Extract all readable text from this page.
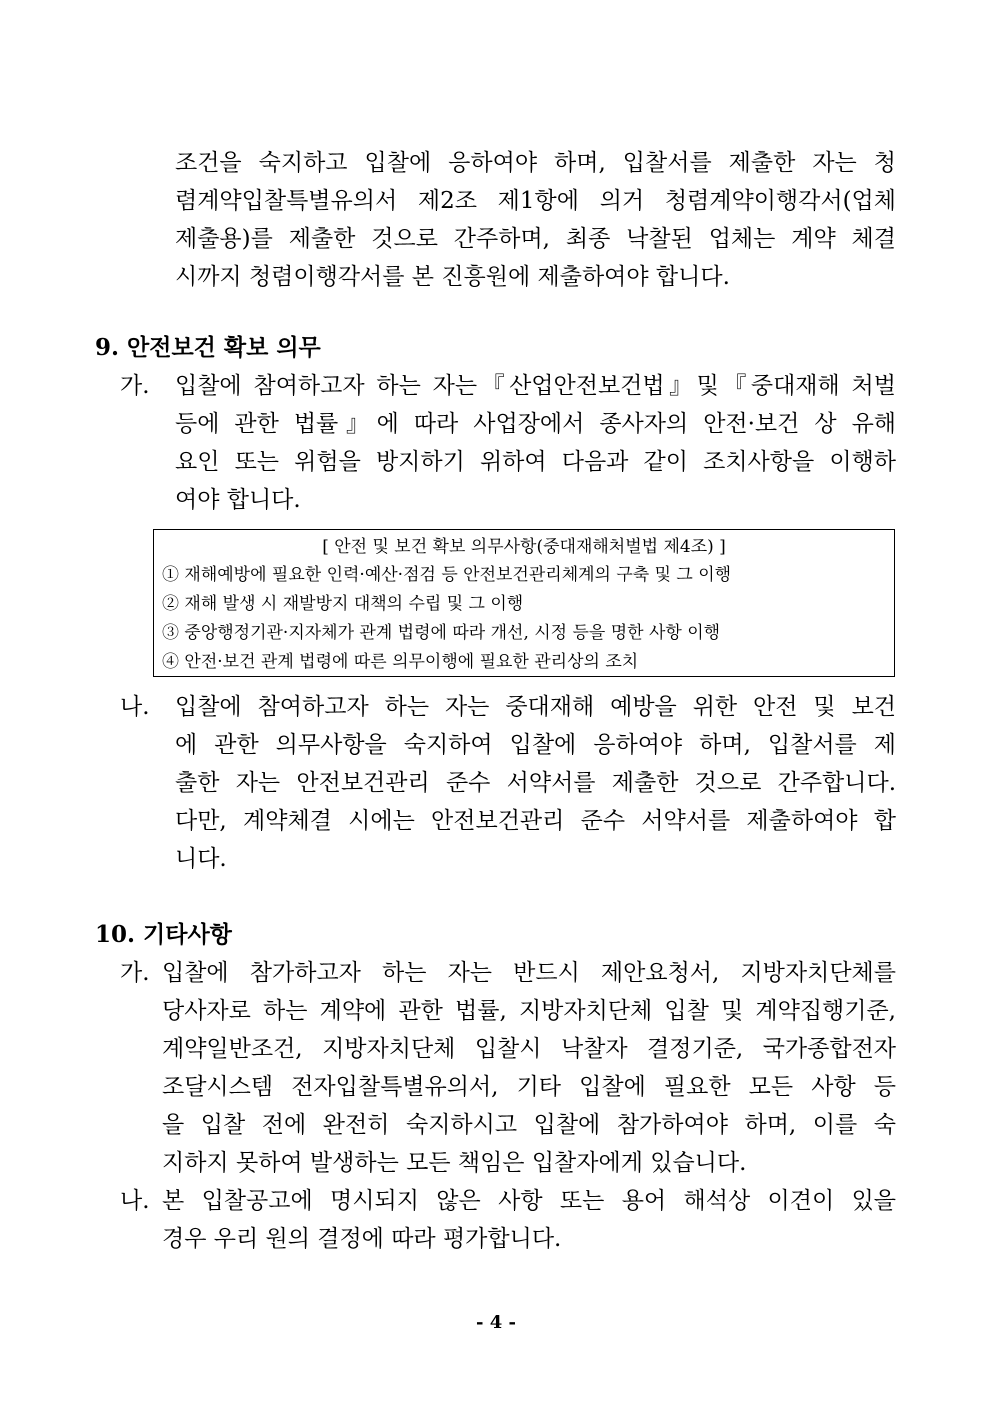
조건을 숙지하고 입찰에 응하여야 하며, 입찰서를 제출한 자는 청
렴계약입찰특별유의서 제2조 제1항에 의거 청렴계약이행각서(업체
제출용)를 제출한 것으로 간주하며, 최종 낙찰된 업체는 계약 체결
시까지 청렴이행각서를 본 진흥원에 제출하여야 합니다.
9. 안전보건 확보 의무
가. 입찰에 참여하고자 하는 자는『산업안전보건법』및『중대재해 처벌
등에 관한 법률』에 따라 사업장에서 종사자의 안전·보건 상 유해
요인 또는 위험을 방지하기 위하여 다음과 같이 조치사항을 이행하
여야 합니다.
[ 안전 및 보건 확보 의무사항(중대재해처벌법 제4조) ]
① 재해예방에 필요한 인력·예산·점검 등 안전보건관리체계의 구축 및 그 이행
② 재해 발생 시 재발방지 대책의 수립 및 그 이행
③ 중앙행정기관·지자체가 관계 법령에 따라 개선, 시정 등을 명한 사항 이행
④ 안전·보건 관계 법령에 따른 의무이행에 필요한 관리상의 조치
나. 입찰에 참여하고자 하는 자는 중대재해 예방을 위한 안전 및 보건
에 관한 의무사항을 숙지하여 입찰에 응하여야 하며, 입찰서를 제
출한 자는 안전보건관리 준수 서약서를 제출한 것으로 간주합니다.
다만, 계약체결 시에는 안전보건관리 준수 서약서를 제출하여야 합
니다.
10. 기타사항
가. 입찰에 참가하고자 하는 자는 반드시 제안요청서, 지방자치단체를
당사자로 하는 계약에 관한 법률, 지방자치단체 입찰 및 계약집행기준,
계약일반조건, 지방자치단체 입찰시 낙찰자 결정기준, 국가종합전자
조달시스템 전자입찰특별유의서, 기타 입찰에 필요한 모든 사항 등
을 입찰 전에 완전히 숙지하시고 입찰에 참가하여야 하며, 이를 숙
지하지 못하여 발생하는 모든 책임은 입찰자에게 있습니다.
나. 본 입찰공고에 명시되지 않은 사항 또는 용어 해석상 이견이 있을
경우 우리 원의 결정에 따라 평가합니다.
- 4 -
